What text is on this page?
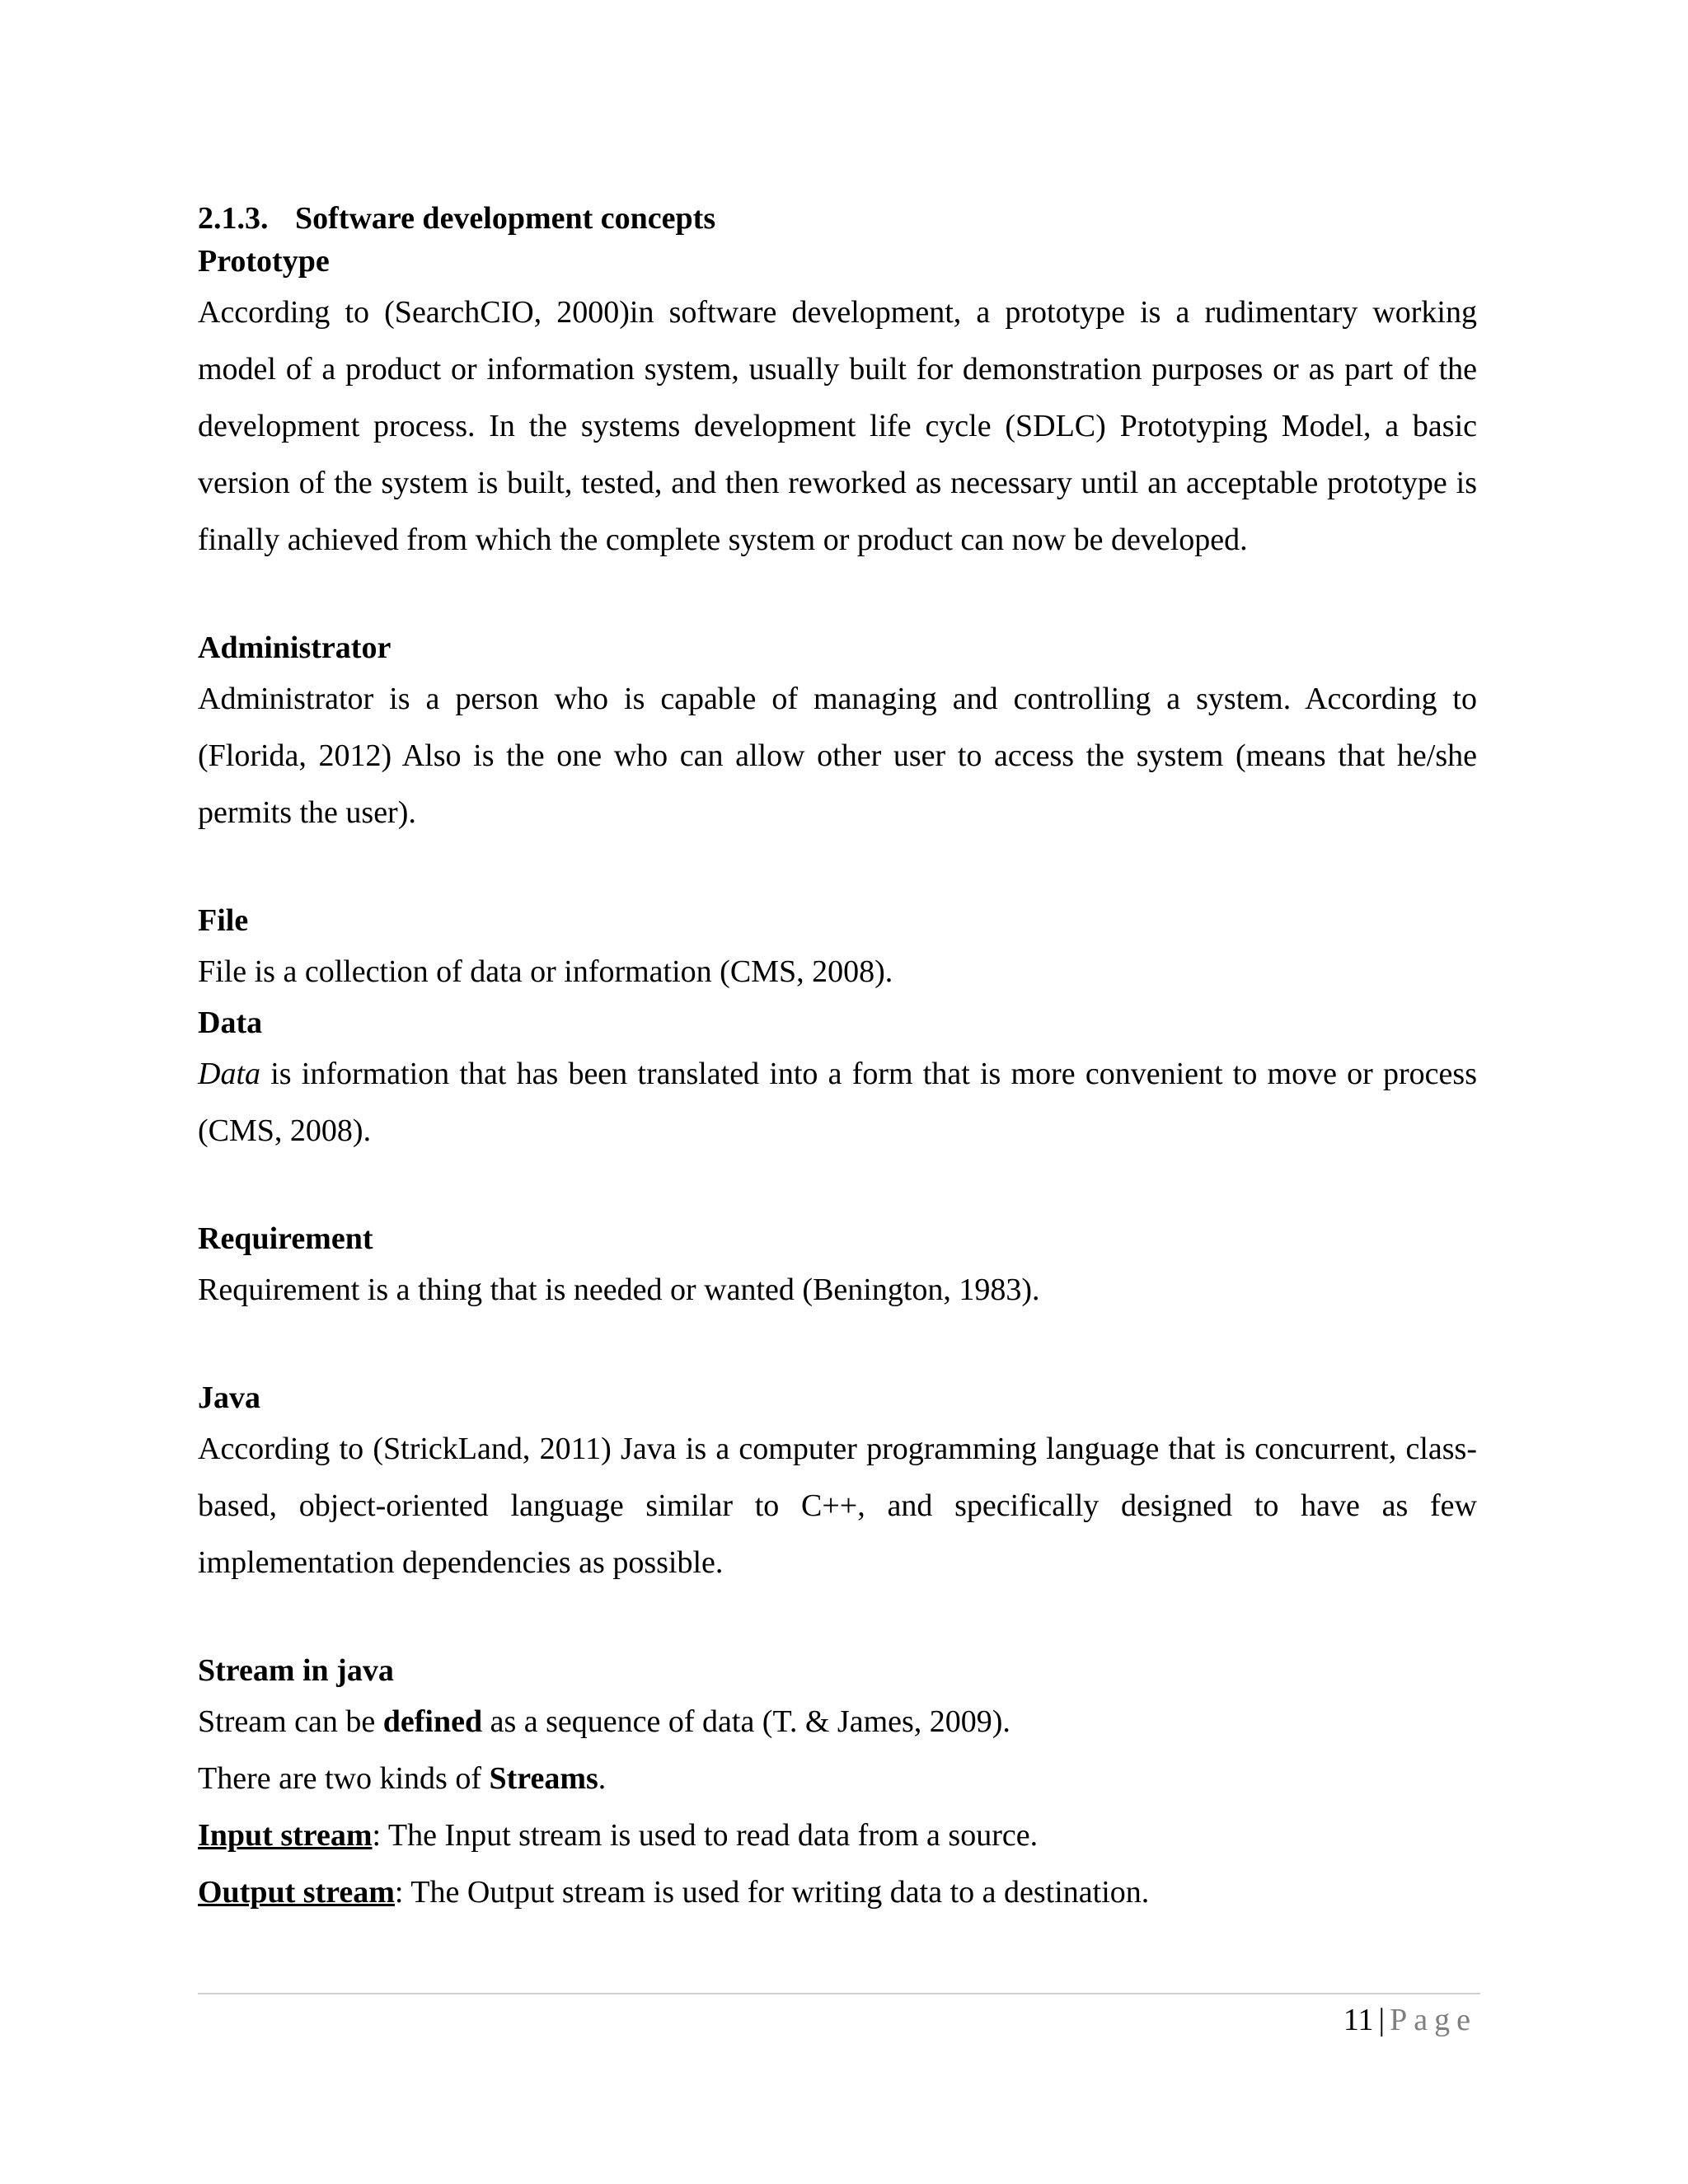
2.1.3. Software development concepts

Prototype

According to (SearchCIO, 2000)in software development, a prototype is a rudimentary working model of a product or information system, usually built for demonstration purposes or as part of the development process. In the systems development life cycle (SDLC) Prototyping Model, a basic version of the system is built, tested, and then reworked as necessary until an acceptable prototype is finally achieved from which the complete system or product can now be developed.

Administrator

Administrator is a person who is capable of managing and controlling a system. According to (Florida, 2012) Also is the one who can allow other user to access the system (means that he/she permits the user).

File

File is a collection of data or information (CMS, 2008).

Data

Data is information that has been translated into a form that is more convenient to move or process (CMS, 2008).

Requirement

Requirement is a thing that is needed or wanted (Benington, 1983).

Java

According to (StrickLand, 2011) Java is a computer programming language that is concurrent, class-based, object-oriented language similar to C++, and specifically designed to have as few implementation dependencies as possible.

Stream in java

Stream can be defined as a sequence of data (T. & James, 2009).

There are two kinds of Streams.

Input stream: The Input stream is used to read data from a source.

Output stream: The Output stream is used for writing data to a destination.

11 | Page
